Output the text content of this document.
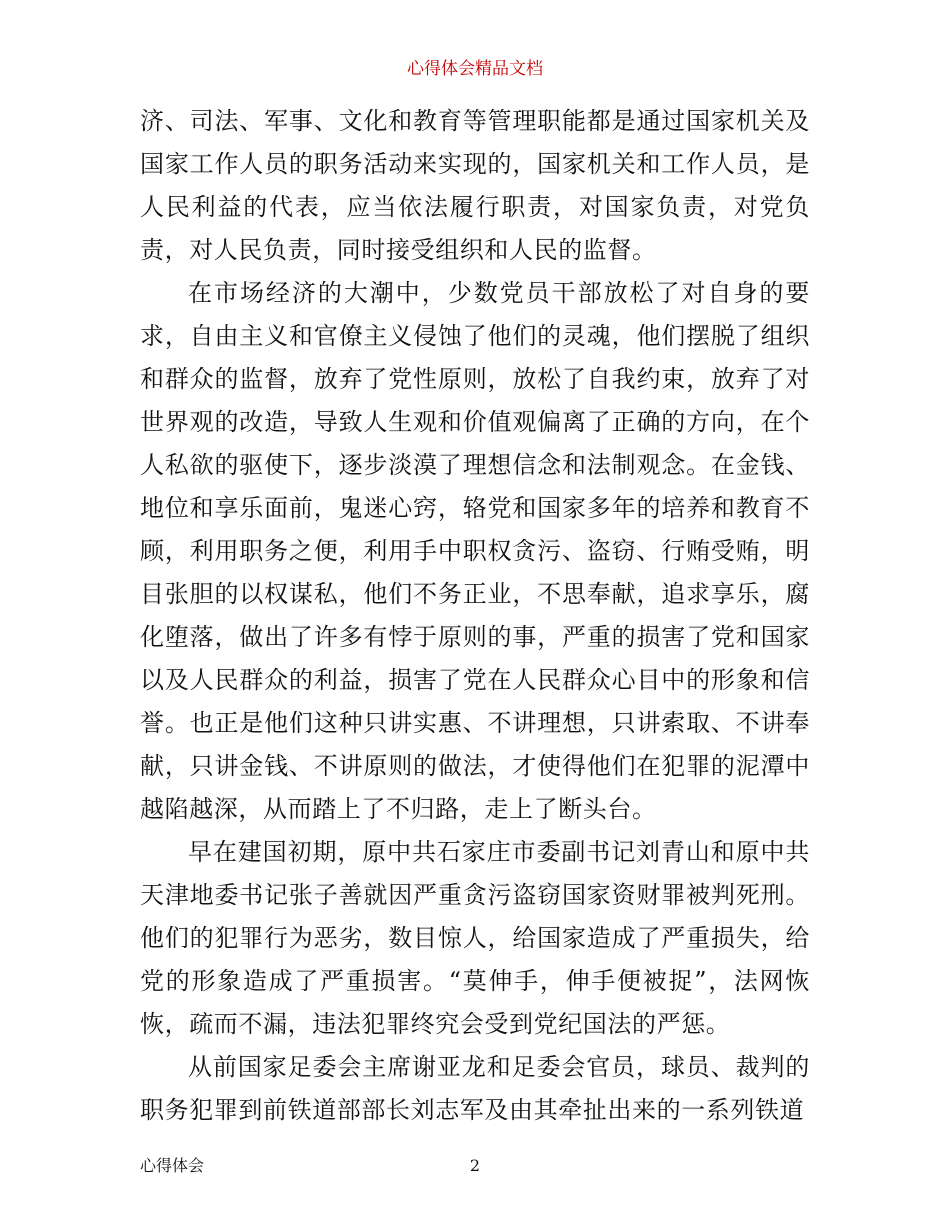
心得体会精品文档

济、司法、军事、文化和教育等管理职能都是通过国家机关及国家工作人员的职务活动来实现的，国家机关和工作人员，是人民利益的代表，应当依法履行职责，对国家负责，对党负责，对人民负责，同时接受组织和人民的监督。

在市场经济的大潮中，少数党员干部放松了对自身的要求，自由主义和官僚主义侵蚀了他们的灵魂，他们摆脱了组织和群众的监督，放弃了党性原则，放松了自我约束，放弃了对世界观的改造，导致人生观和价值观偏离了正确的方向，在个人私欲的驱使下，逐步淡漠了理想信念和法制观念。在金钱、地位和享乐面前，鬼迷心窍，辂党和国家多年的培养和教育不顾，利用职务之便，利用手中职权贪污、盗窃、行贿受贿，明目张胆的以权谋私，他们不务正业，不思奉献，追求享乐，腐化堕落，做出了许多有悖于原则的事，严重的损害了党和国家以及人民群众的利益，损害了党在人民群众心目中的形象和信誉。也正是他们这种只讲实惠、不讲理想，只讲索取、不讲奉献，只讲金钱、不讲原则的做法，才使得他们在犯罪的泥潭中越陷越深，从而踏上了不归路，走上了断头台。

早在建国初期，原中共石家庄市委副书记刘青山和原中共天津地委书记张子善就因严重贪污盗窃国家资财罪被判死刑。他们的犯罪行为恶劣，数目惊人，给国家造成了严重损失，给党的形象造成了严重损害。“莫伸手，伸手便被捉”，法网恢恢，疏而不漏，违法犯罪终究会受到党纪国法的严惩。

从前国家足委会主席谢亚龙和足委会官员，球员、裁判的职务犯罪到前铁道部部长刘志军及由其牵扯出来的一系列铁道

心得体会	2
